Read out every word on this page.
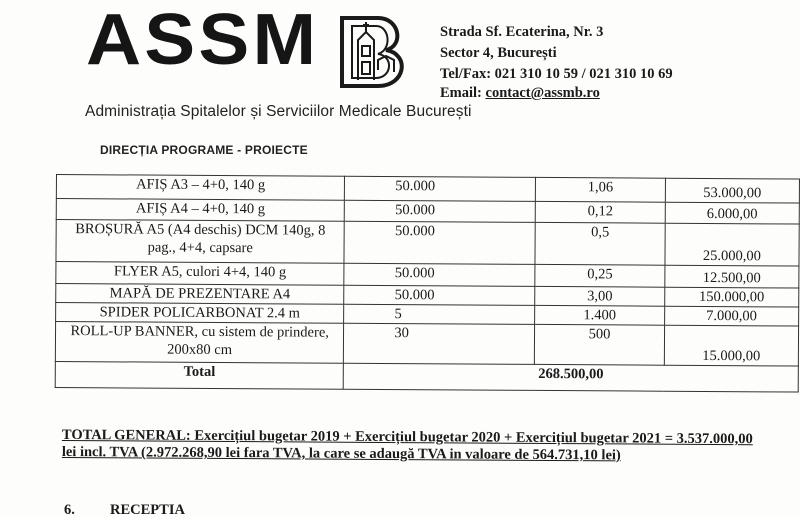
ASSM
Administrația Spitalelor și Serviciilor Medicale București
Strada Sf. Ecaterina, Nr. 3
Sector 4, București
Tel/Fax: 021 310 10 59 / 021 310 10 69
Email: contact@assmb.ro
DIRECȚIA PROGRAME - PROIECTE
AFIȘ A3 – 4+0, 140 g	50.000	1,06	53.000,00
AFIȘ A4 – 4+0, 140 g	50.000	0,12	6.000,00
BROȘURĂ A5 (A4 deschis) DCM 140g, 8 pag., 4+4, capsare	50.000	0,5	25.000,00
FLYER A5, culori 4+4, 140 g	50.000	0,25	12.500,00
MAPĂ DE PREZENTARE A4	50.000	3,00	150.000,00
SPIDER POLICARBONAT 2.4 m	5	1.400	7.000,00
ROLL-UP BANNER, cu sistem de prindere, 200x80 cm	30	500	15.000,00
Total	268.500,00		
TOTAL GENERAL: Exercițiul bugetar 2019 + Exercițiul bugetar 2020 + Exercițiul bugetar 2021 = 3.537.000,00 lei incl. TVA (2.972.268,90 lei fara TVA, la care se adaugă TVA in valoare de 564.731,10 lei)
6. RECEPTIA
